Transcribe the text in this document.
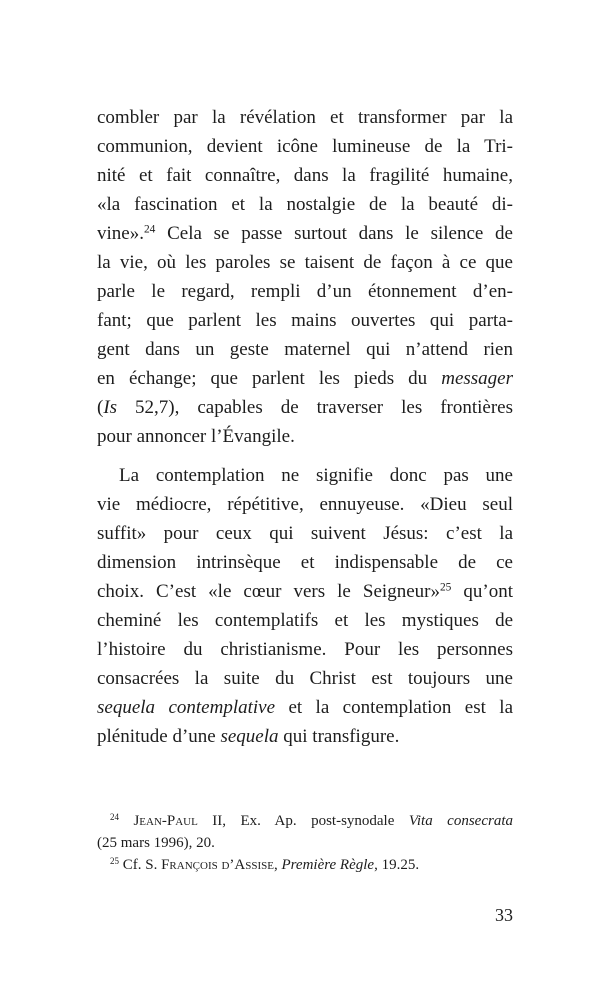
combler par la révélation et transformer par la
communion, devient icône lumineuse de la Tri-
nité et fait connaître, dans la fragilité humaine,
«la fascination et la nostalgie de la beauté di-
vine».$^{24}$ Cela se passe surtout dans le silence de
la vie, où les paroles se taisent de façon à ce que
parle le regard, rempli d’un étonnement d’en-
fant; que parlent les mains ouvertes qui parta-
gent dans un geste maternel qui n’attend rien
en échange; que parlent les pieds du messager
(Is 52,7), capables de traverser les frontières
pour annoncer l’Évangile.
La contemplation ne signifie donc pas une
vie médiocre, répétitive, ennuyeuse. «Dieu seul
suffit» pour ceux qui suivent Jésus: c’est la
dimension intrinsèque et indispensable de ce
choix. C’est «le cœur vers le Seigneur»$^{25}$ qu’ont
cheminé les contemplatifs et les mystiques de
l’histoire du christianisme. Pour les personnes
consacrées la suite du Christ est toujours une
sequela contemplative et la contemplation est la
plénitude d’une sequela qui transfigure.
$^{24}$ Jean-Paul II, Ex. Ap. post-synodale Vita consecrata
(25 mars 1996), 20.
$^{25}$ Cf. S. François d’Assise, Première Règle, 19.25.
33
